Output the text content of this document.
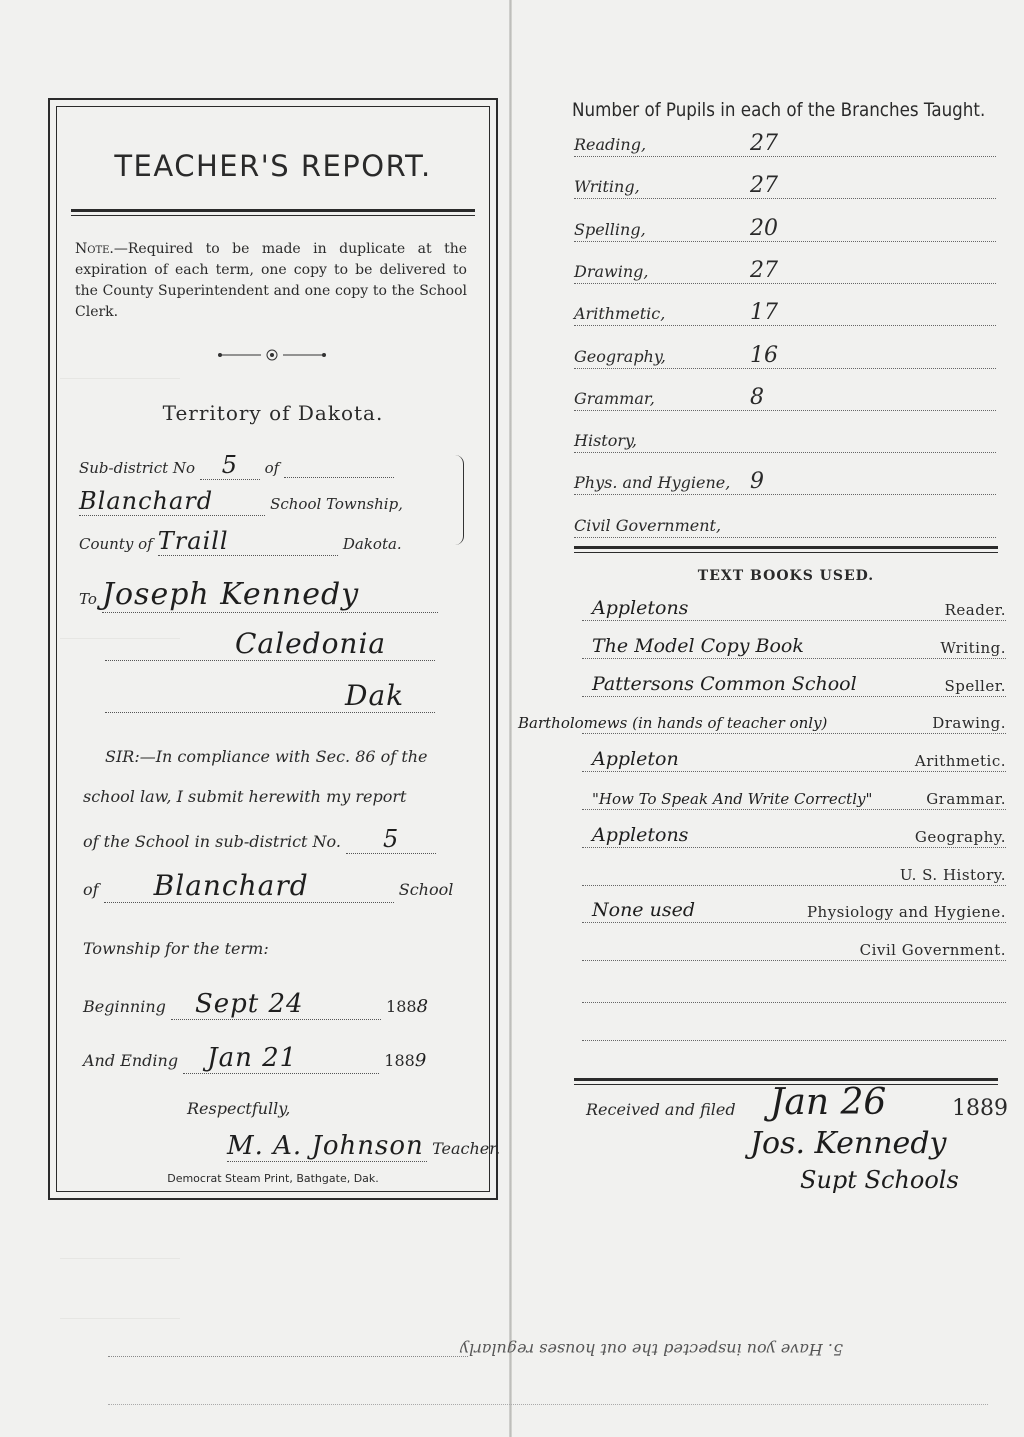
TEACHER'S REPORT.
Note.—Required to be made in duplicate at the expiration of each term, one copy to be delivered to the County Superintendent and one copy to the School Clerk.
Territory of Dakota.
Sub-district No 5 of
Blanchard	School Township,
County of Traill	Dakota.
To Joseph Kennedy
Caledonia
Dak
SIR:—In compliance with Sec. 86 of the
school law, I submit herewith my report
of the School in sub-district No. 5
of Blanchard	School
Township for the term:
Beginning Sept 24	1888
And Ending Jan 21	1889
Respectfully,
M. A. Johnson Teacher.
Democrat Steam Print, Bathgate, Dak.
Number of Pupils in each of the Branches Taught.
Reading,	27
Writing,	27
Spelling,	20
Drawing,	27
Arithmetic,	17
Geography,	16
Grammar,	8
History,
Phys. and Hygiene, 9
Civil Government,
TEXT BOOKS USED.
Appletons	Reader.
The Model Copy Book	Writing.
Pattersons Common School	Speller.
Bartholomews (in hands of teacher only)	Drawing.
Appleton	Arithmetic.
"How To Speak And Write Correctly"	Grammar.
Appletons	Geography.
U. S. History.
None used	Physiology and Hygiene.
Civil Government.
Received and filed Jan 26	1889
Jos. Kennedy
Supt Schools
5. Have you inspected the out houses regularly
